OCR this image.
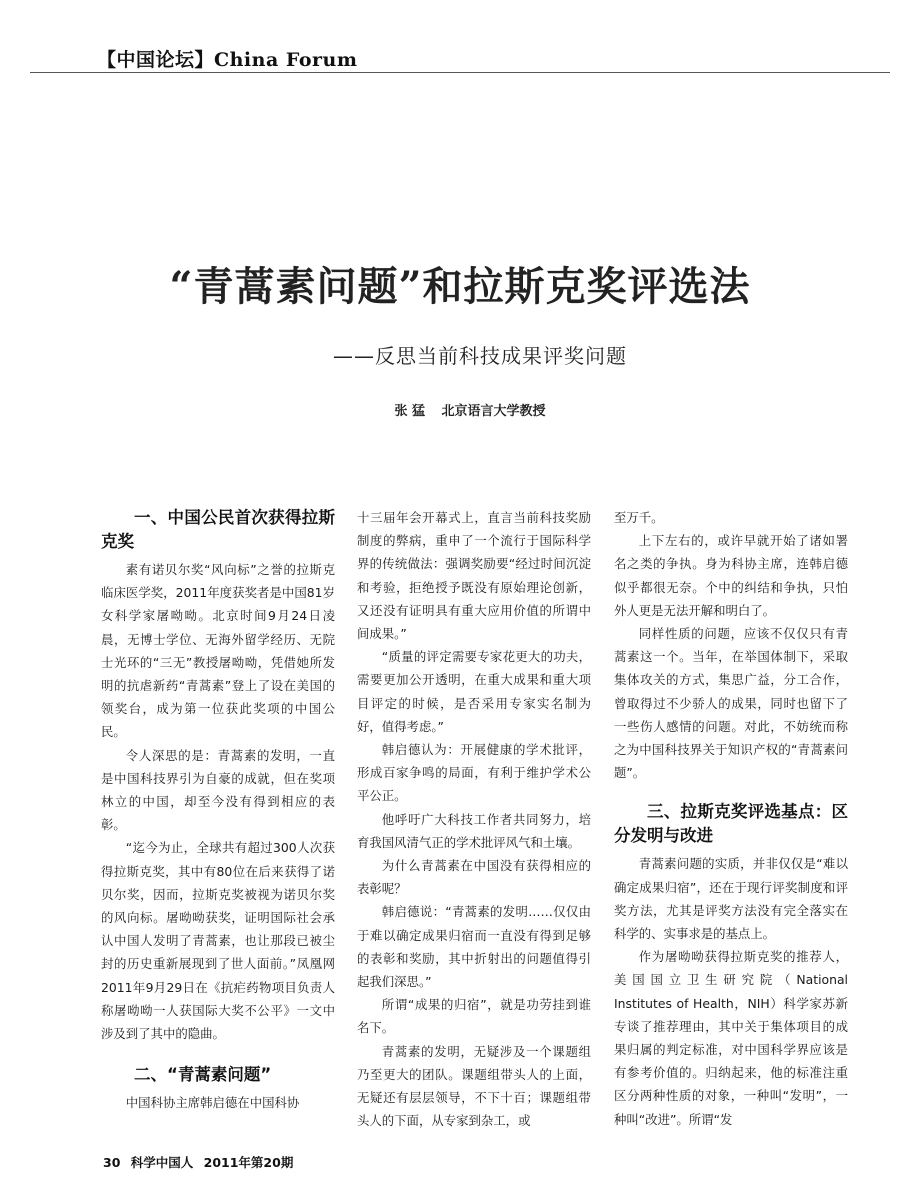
【中国论坛】China Forum
“青蒿素问题”和拉斯克奖评选法
——反思当前科技成果评奖问题
张 猛 北京语言大学教授
一、中国公民首次获得拉斯克奖

素有诺贝尔奖“风向标”之誉的拉斯克临床医学奖，2011年度获奖者是中国81岁女科学家屠呦呦。北京时间9月24日凌晨，无博士学位、无海外留学经历、无院士光环的“三无”教授屠呦呦，凭借她所发明的抗虐新药“青蒿素”登上了设在美国的领奖台，成为第一位获此奖项的中国公民。

令人深思的是：青蒿素的发明，一直是中国科技界引为自豪的成就，但在奖项林立的中国，却至今没有得到相应的表彰。

“迄今为止，全球共有超过300人次获得拉斯克奖，其中有80位在后来获得了诺贝尔奖，因而，拉斯克奖被视为诺贝尔奖的风向标。屠呦呦获奖，证明国际社会承认中国人发明了青蒿素，也让那段已被尘封的历史重新展现到了世人面前。”凤凰网2011年9月29日在《抗疟药物项目负责人称屠呦呦一人获国际大奖不公平》一文中涉及到了其中的隐曲。

二、“青蒿素问题”

中国科协主席韩启德在中国科协

十三届年会开幕式上，直言当前科技奖励制度的弊病，重申了一个流行于国际科学界的传统做法：强调奖励要“经过时间沉淀和考验，拒绝授予既没有原始理论创新，又还没有证明具有重大应用价值的所谓中间成果。”

“质量的评定需要专家花更大的功夫，需要更加公开透明，在重大成果和重大项目评定的时候，是否采用专家实名制为好，值得考虑。”

韩启德认为：开展健康的学术批评，形成百家争鸣的局面，有利于维护学术公平公正。

他呼吁广大科技工作者共同努力，培育我国风清气正的学术批评风气和土壤。

为什么青蒿素在中国没有获得相应的表彰呢？

韩启德说：“青蒿素的发明……仅仅由于难以确定成果归宿而一直没有得到足够的表彰和奖励，其中折射出的问题值得引起我们深思。”

所谓“成果的归宿”，就是功劳挂到谁名下。

青蒿素的发明，无疑涉及一个课题组乃至更大的团队。课题组带头人的上面，无疑还有层层领导，不下十百；课题组带头人的下面，从专家到杂工，或

至万千。

上下左右的，或许早就开始了诸如署名之类的争执。身为科协主席，连韩启德似乎都很无奈。个中的纠结和争执，只怕外人更是无法开解和明白了。

同样性质的问题，应该不仅仅只有青蒿素这一个。当年，在举国体制下，采取集体攻关的方式，集思广益，分工合作，曾取得过不少骄人的成果，同时也留下了一些伤人感情的问题。对此，不妨统而称之为中国科技界关于知识产权的“青蒿素问题”。

三、拉斯克奖评选基点：区分发明与改进

青蒿素问题的实质，并非仅仅是“难以确定成果归宿”，还在于现行评奖制度和评奖方法，尤其是评奖方法没有完全落实在科学的、实事求是的基点上。

作为屠呦呦获得拉斯克奖的推荐人，美国国立卫生研究院（National Institutes of Health，NIH）科学家苏新专谈了推荐理由，其中关于集体项目的成果归属的判定标准，对中国科学界应该是有参考价值的。归纳起来，他的标准注重区分两种性质的对象，一种叫“发明”，一种叫“改进”。所谓“发

30 科学中国人 2011年第20期
